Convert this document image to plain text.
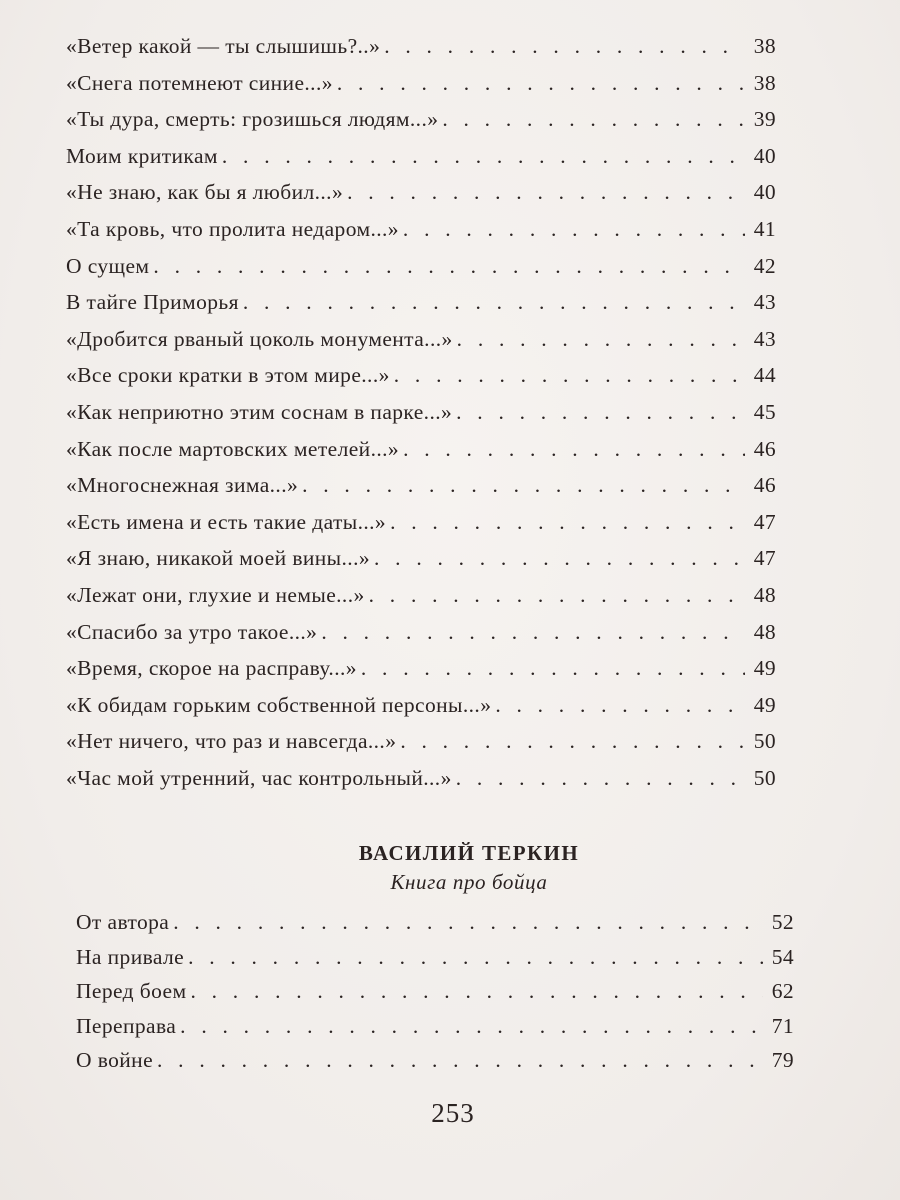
«Ветер какой — ты слышишь?..» . . .	38
«Снега потемнеют синие...» . . .	38
«Ты дура, смерть: грозишься людям...» . . .	39
Моим критикам . . .	40
«Не знаю, как бы я любил...» . . .	40
«Та кровь, что пролита недаром...» . . .	41
О сущем . . .	42
В тайге Приморья . . .	43
«Дробится рваный цоколь монумента...» . . .	43
«Все сроки кратки в этом мире...» . . .	44
«Как неприютно этим соснам в парке...» . . .	45
«Как после мартовских метелей...» . . .	46
«Многоснежная зима...» . . .	46
«Есть имена и есть такие даты...» . . .	47
«Я знаю, никакой моей вины...» . . .	47
«Лежат они, глухие и немые...» . . .	48
«Спасибо за утро такое...» . . .	48
«Время, скорое на расправу...» . . .	49
«К обидам горьким собственной персоны...» . . .	49
«Нет ничего, что раз и навсегда...» . . .	50
«Час мой утренний, час контрольный...» . . .	50
ВАСИЛИЙ ТЕРКИН
Книга про бойца
От автора . . .	52
На привале . . .	54
Перед боем . . .	62
Переправа . . .	71
О войне . . .	79
253
